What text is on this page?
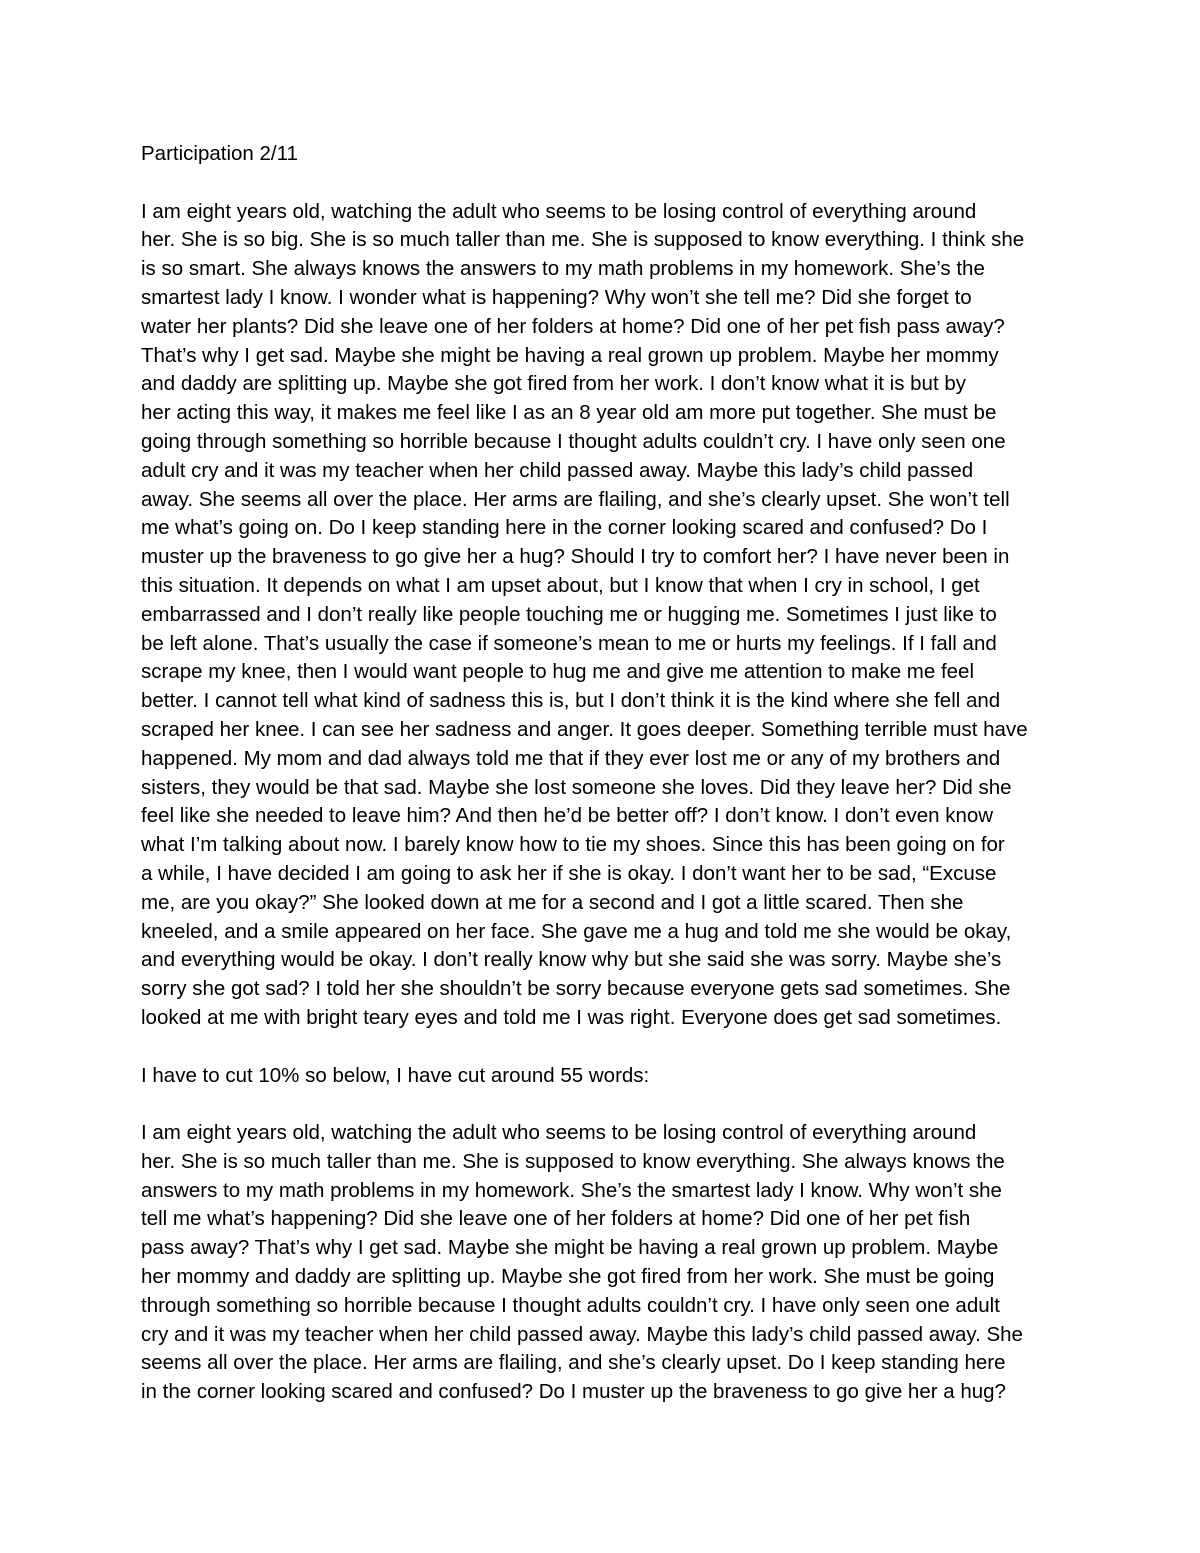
Participation 2/11
I am eight years old, watching the adult who seems to be losing control of everything around
her. She is so big. She is so much taller than me. She is supposed to know everything. I think she
is so smart. She always knows the answers to my math problems in my homework. She’s the
smartest lady I know. I wonder what is happening? Why won’t she tell me? Did she forget to
water her plants? Did she leave one of her folders at home? Did one of her pet fish pass away?
That’s why I get sad. Maybe she might be having a real grown up problem. Maybe her mommy
and daddy are splitting up. Maybe she got fired from her work. I don’t know what it is but by
her acting this way, it makes me feel like I as an 8 year old am more put together. She must be
going through something so horrible because I thought adults couldn’t cry. I have only seen one
adult cry and it was my teacher when her child passed away. Maybe this lady’s child passed
away. She seems all over the place. Her arms are flailing, and she’s clearly upset. She won’t tell
me what’s going on. Do I keep standing here in the corner looking scared and confused? Do I
muster up the braveness to go give her a hug? Should I try to comfort her? I have never been in
this situation. It depends on what I am upset about, but I know that when I cry in school, I get
embarrassed and I don’t really like people touching me or hugging me. Sometimes I just like to
be left alone. That’s usually the case if someone’s mean to me or hurts my feelings. If I fall and
scrape my knee, then I would want people to hug me and give me attention to make me feel
better. I cannot tell what kind of sadness this is, but I don’t think it is the kind where she fell and
scraped her knee. I can see her sadness and anger. It goes deeper. Something terrible must have
happened. My mom and dad always told me that if they ever lost me or any of my brothers and
sisters, they would be that sad. Maybe she lost someone she loves. Did they leave her? Did she
feel like she needed to leave him? And then he’d be better off? I don’t know. I don’t even know
what I’m talking about now. I barely know how to tie my shoes. Since this has been going on for
a while, I have decided I am going to ask her if she is okay. I don’t want her to be sad, “Excuse
me, are you okay?” She looked down at me for a second and I got a little scared. Then she
kneeled, and a smile appeared on her face. She gave me a hug and told me she would be okay,
and everything would be okay. I don’t really know why but she said she was sorry. Maybe she’s
sorry she got sad? I told her she shouldn’t be sorry because everyone gets sad sometimes. She
looked at me with bright teary eyes and told me I was right. Everyone does get sad sometimes.
I have to cut 10% so below, I have cut around 55 words:
I am eight years old, watching the adult who seems to be losing control of everything around
her. She is so much taller than me. She is supposed to know everything. She always knows the
answers to my math problems in my homework. She’s the smartest lady I know. Why won’t she
tell me what’s happening? Did she leave one of her folders at home? Did one of her pet fish
pass away? That’s why I get sad. Maybe she might be having a real grown up problem. Maybe
her mommy and daddy are splitting up. Maybe she got fired from her work. She must be going
through something so horrible because I thought adults couldn’t cry. I have only seen one adult
cry and it was my teacher when her child passed away. Maybe this lady’s child passed away. She
seems all over the place. Her arms are flailing, and she’s clearly upset. Do I keep standing here
in the corner looking scared and confused? Do I muster up the braveness to go give her a hug?
